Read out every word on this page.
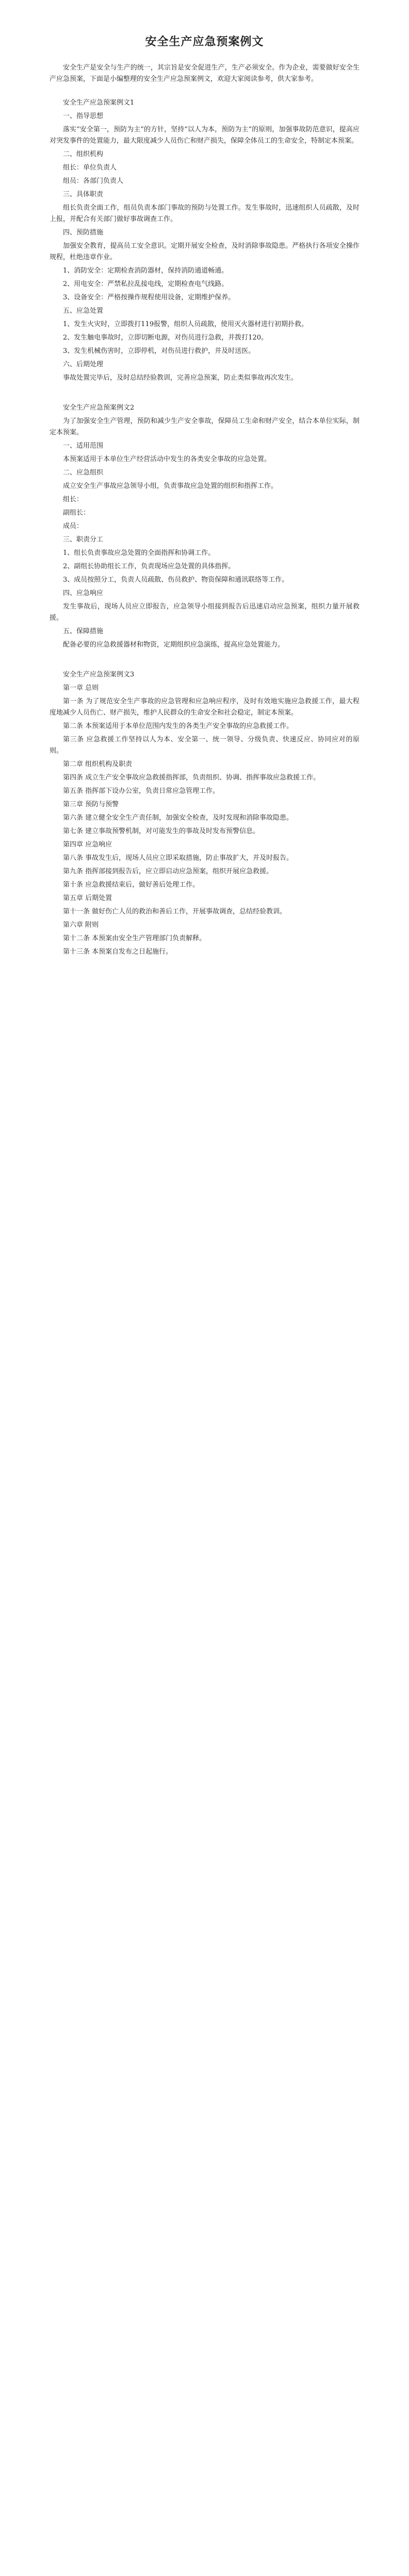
安全生产应急预案例文

安全生产是安全与生产的统一，其宗旨是安全促进生产，生产必须安全。作为企业，需要做好安全生产应急预案，下面是小编整理的安全生产应急预案例文，欢迎大家阅读参考，供大家参考。

安全生产应急预案例文1

一、指导思想

落实“安全第一，预防为主”的方针，坚持“以人为本，预防为主”的原则，加强事故防范意识，提高应对突发事件的处置能力，最大限度减少人员伤亡和财产损失，保障全体员工的生命安全，特制定本预案。

二、组织机构

组长：单位负责人

组员：各部门负责人

三、具体职责

组长负责全面工作，组员负责本部门事故的预防与处置工作。发生事故时，迅速组织人员疏散，及时上报，并配合有关部门做好事故调查工作。

四、预防措施

加强安全教育，提高员工安全意识。定期开展安全检查，及时消除事故隐患。严格执行各项安全操作规程，杜绝违章作业。

1、消防安全：定期检查消防器材，保持消防通道畅通。

2、用电安全：严禁私拉乱接电线，定期检查电气线路。

3、设备安全：严格按操作规程使用设备，定期维护保养。

五、应急处置

1、发生火灾时，立即拨打119报警，组织人员疏散，使用灭火器材进行初期扑救。

2、发生触电事故时，立即切断电源，对伤员进行急救，并拨打120。

3、发生机械伤害时，立即停机，对伤员进行救护，并及时送医。

六、后期处理

事故处置完毕后，及时总结经验教训，完善应急预案，防止类似事故再次发生。

安全生产应急预案例文2

为了加强安全生产管理，预防和减少生产安全事故，保障员工生命和财产安全，结合本单位实际，制定本预案。

一、适用范围

本预案适用于本单位生产经营活动中发生的各类安全事故的应急处置。

二、应急组织

成立安全生产事故应急领导小组，负责事故应急处置的组织和指挥工作。

组长：

副组长：

成员：

三、职责分工

1、组长负责事故应急处置的全面指挥和协调工作。

2、副组长协助组长工作，负责现场应急处置的具体指挥。

3、成员按照分工，负责人员疏散、伤员救护、物资保障和通讯联络等工作。

四、应急响应

发生事故后，现场人员应立即报告，应急领导小组接到报告后迅速启动应急预案，组织力量开展救援。

五、保障措施

配备必要的应急救援器材和物资，定期组织应急演练，提高应急处置能力。

安全生产应急预案例文3

第一章 总则

第一条 为了规范安全生产事故的应急管理和应急响应程序，及时有效地实施应急救援工作，最大程度地减少人员伤亡、财产损失，维护人民群众的生命安全和社会稳定，制定本预案。

第二条 本预案适用于本单位范围内发生的各类生产安全事故的应急救援工作。

第三条 应急救援工作坚持以人为本、安全第一、统一领导、分级负责、快速反应、协同应对的原则。

第二章 组织机构及职责

第四条 成立生产安全事故应急救援指挥部，负责组织、协调、指挥事故应急救援工作。

第五条 指挥部下设办公室，负责日常应急管理工作。

第三章 预防与预警

第六条 建立健全安全生产责任制，加强安全检查，及时发现和消除事故隐患。

第七条 建立事故预警机制，对可能发生的事故及时发布预警信息。

第四章 应急响应

第八条 事故发生后，现场人员应立即采取措施，防止事故扩大，并及时报告。

第九条 指挥部接到报告后，应立即启动应急预案，组织开展应急救援。

第十条 应急救援结束后，做好善后处理工作。

第五章 后期处置

第十一条 做好伤亡人员的救治和善后工作，开展事故调查，总结经验教训。

第六章 附则

第十二条 本预案由安全生产管理部门负责解释。

第十三条 本预案自发布之日起施行。
